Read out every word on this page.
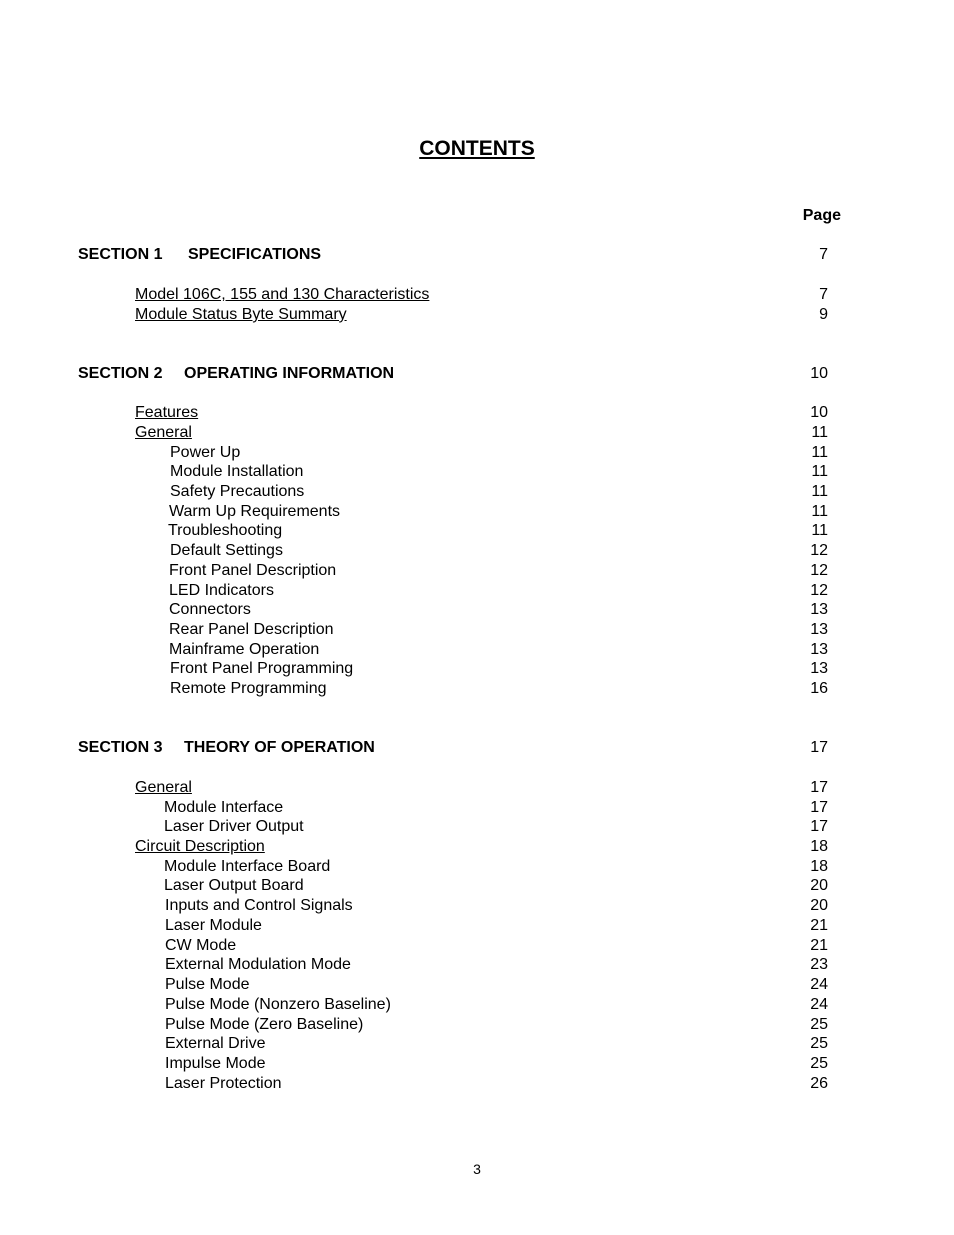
CONTENTS
Page
SECTION 1 SPECIFICATIONS	7
Model 106C, 155 and 130 Characteristics	7
Module Status Byte Summary	9
SECTION 2 OPERATING INFORMATION	10
Features	10
General	11
Power Up	11
Module Installation	11
Safety Precautions	11
Warm Up Requirements	11
Troubleshooting	11
Default Settings	12
Front Panel Description	12
LED Indicators	12
Connectors	13
Rear Panel Description	13
Mainframe Operation	13
Front Panel Programming	13
Remote Programming	16
SECTION 3 THEORY OF OPERATION	17
General	17
Module Interface	17
Laser Driver Output	17
Circuit Description	18
Module Interface Board	18
Laser Output Board	20
Inputs and Control Signals	20
Laser Module	21
CW Mode	21
External Modulation Mode	23
Pulse Mode	24
Pulse Mode (Nonzero Baseline)	24
Pulse Mode (Zero Baseline)	25
External Drive	25
Impulse Mode	25
Laser Protection	26
3
